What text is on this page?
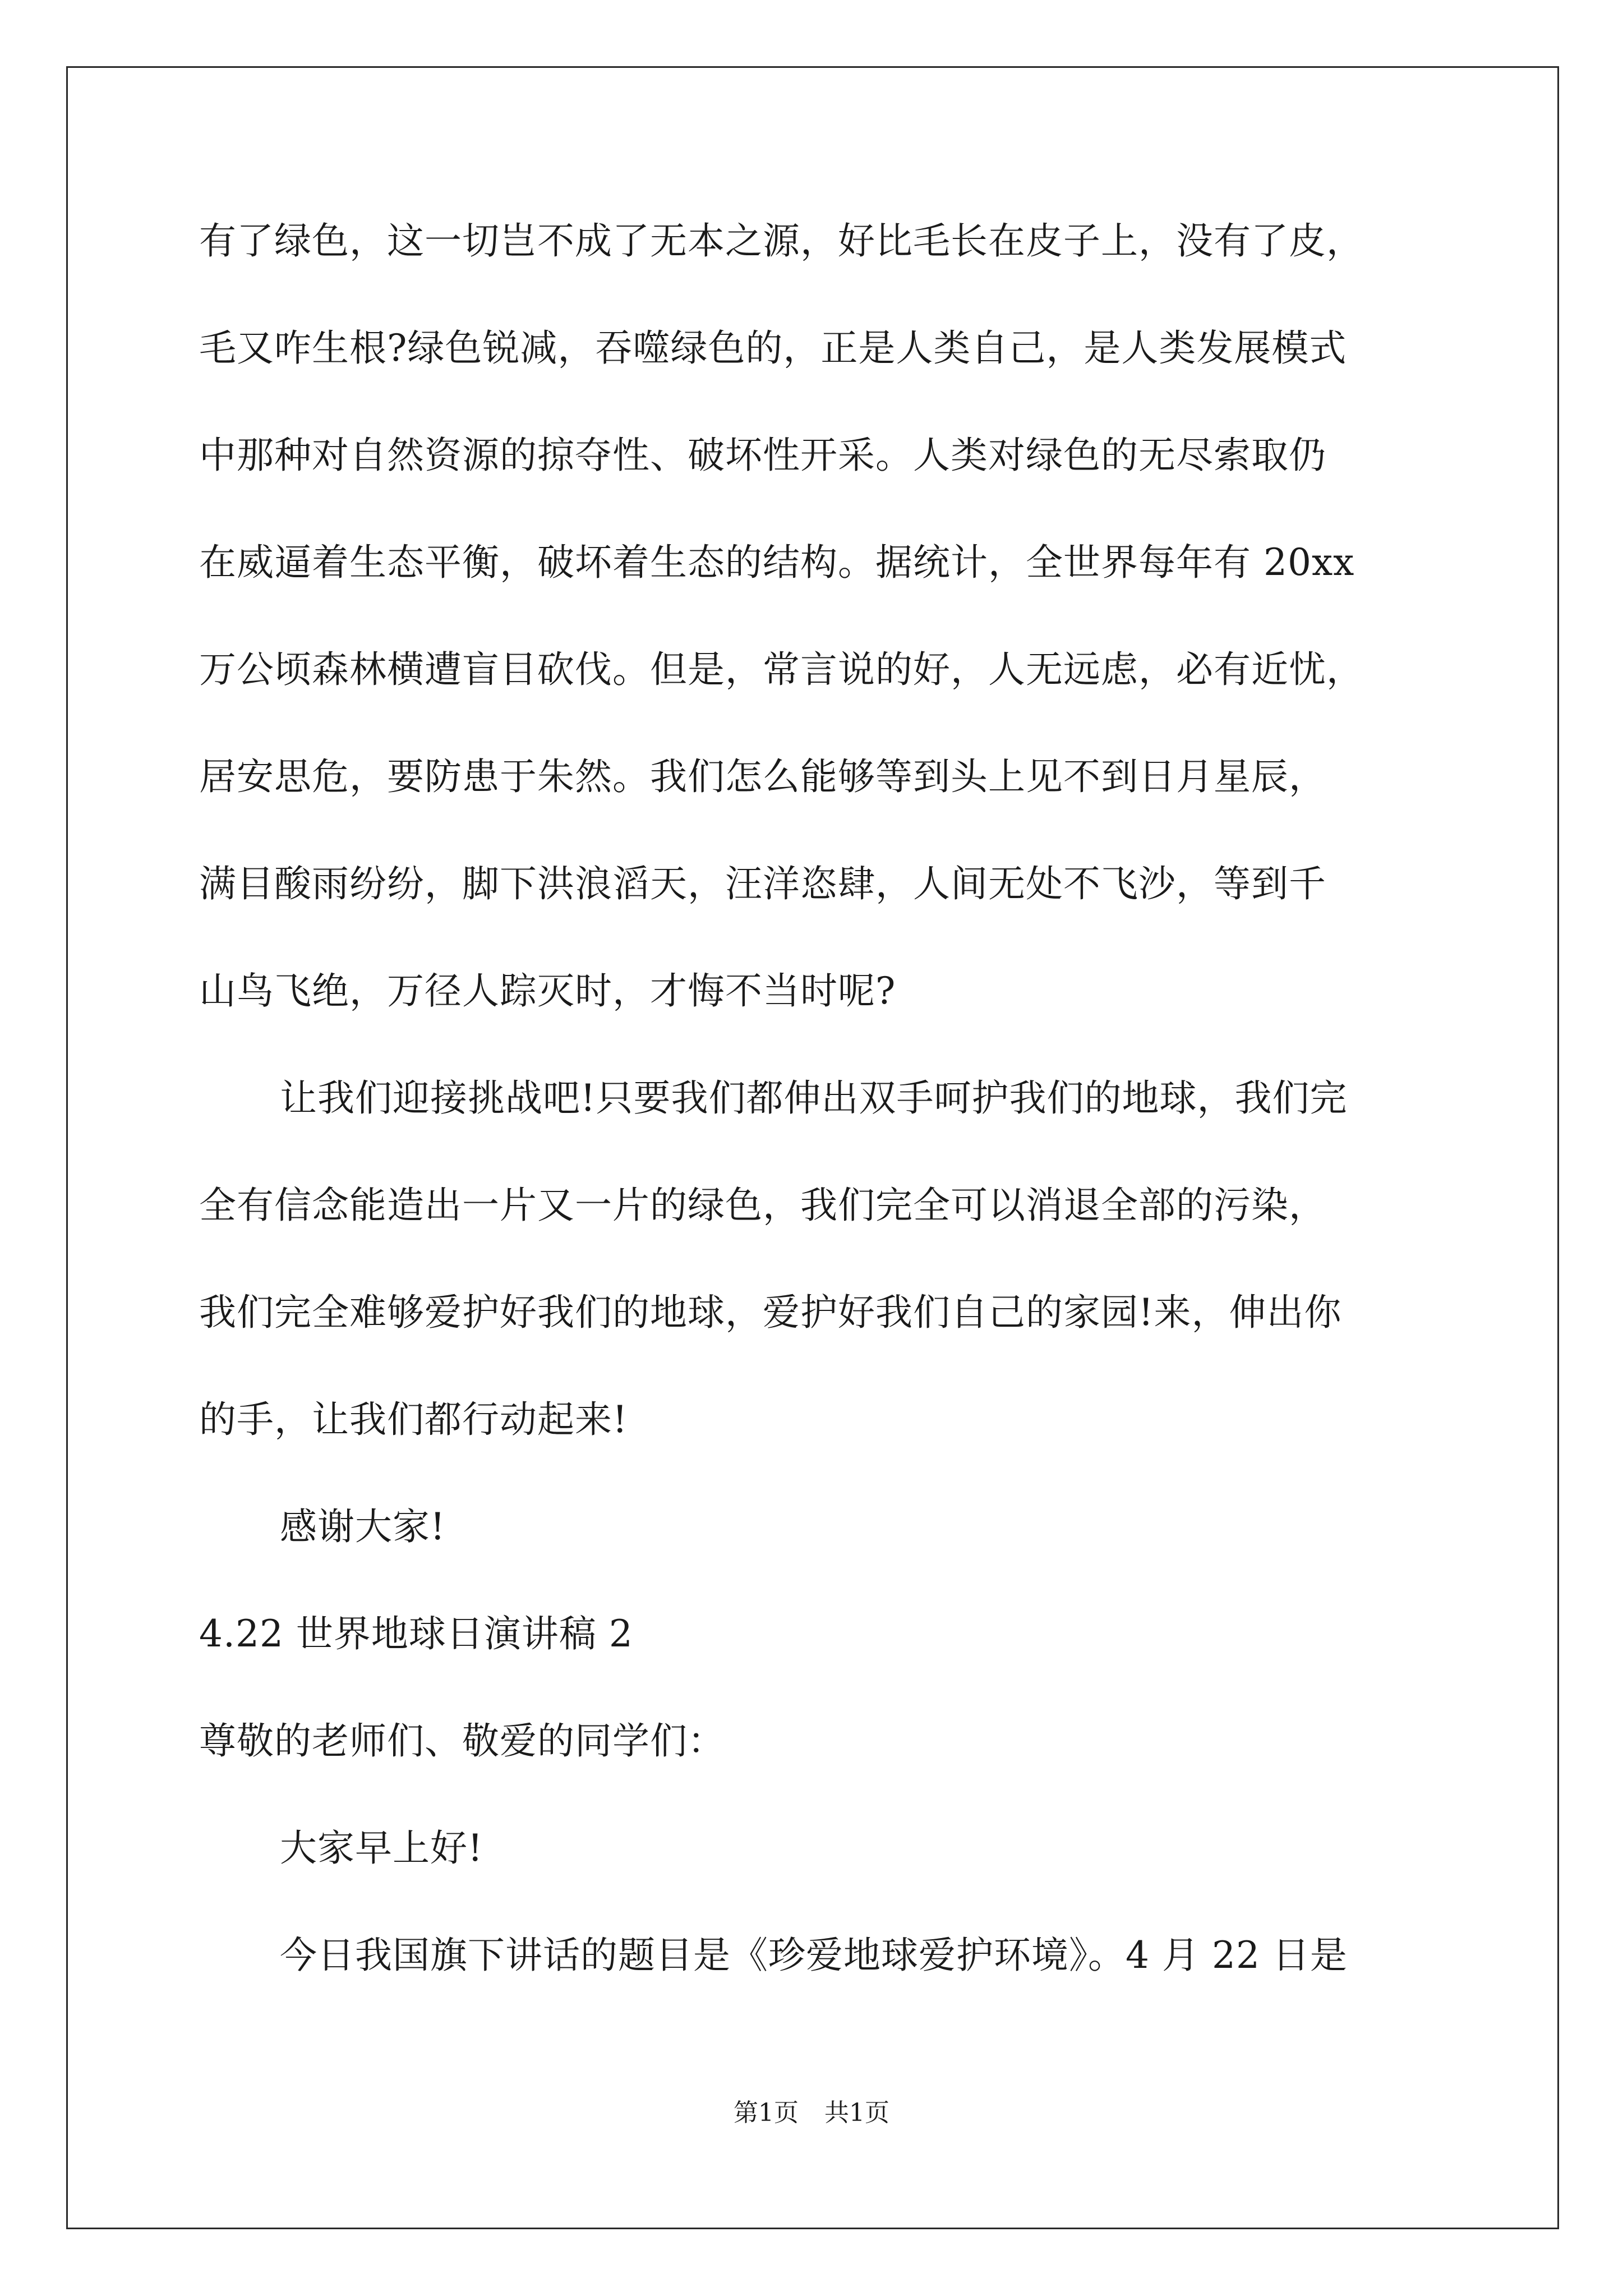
有了绿色，这一切岂不成了无本之源，好比毛长在皮子上，没有了皮，
毛又咋生根?绿色锐减，吞噬绿色的，正是人类自己，是人类发展模式
中那种对自然资源的掠夺性、破坏性开采。人类对绿色的无尽索取仍
在威逼着生态平衡，破坏着生态的结构。据统计，全世界每年有 20xx
万公顷森林横遭盲目砍伐。但是，常言说的好，人无远虑，必有近忧，
居安思危，要防患于朱然。我们怎么能够等到头上见不到日月星辰，
满目酸雨纷纷，脚下洪浪滔天，汪洋恣肆，人间无处不飞沙，等到千
山鸟飞绝，万径人踪灭时，才悔不当时呢?
让我们迎接挑战吧!只要我们都伸出双手呵护我们的地球，我们完
全有信念能造出一片又一片的绿色，我们完全可以消退全部的污染，
我们完全难够爱护好我们的地球，爱护好我们自己的家园!来，伸出你
的手，让我们都行动起来!
感谢大家!
4.22 世界地球日演讲稿 2
尊敬的老师们、敬爱的同学们：
大家早上好!
今日我国旗下讲话的题目是《珍爱地球爱护环境》。4 月 22 日是
第1页 共1页
